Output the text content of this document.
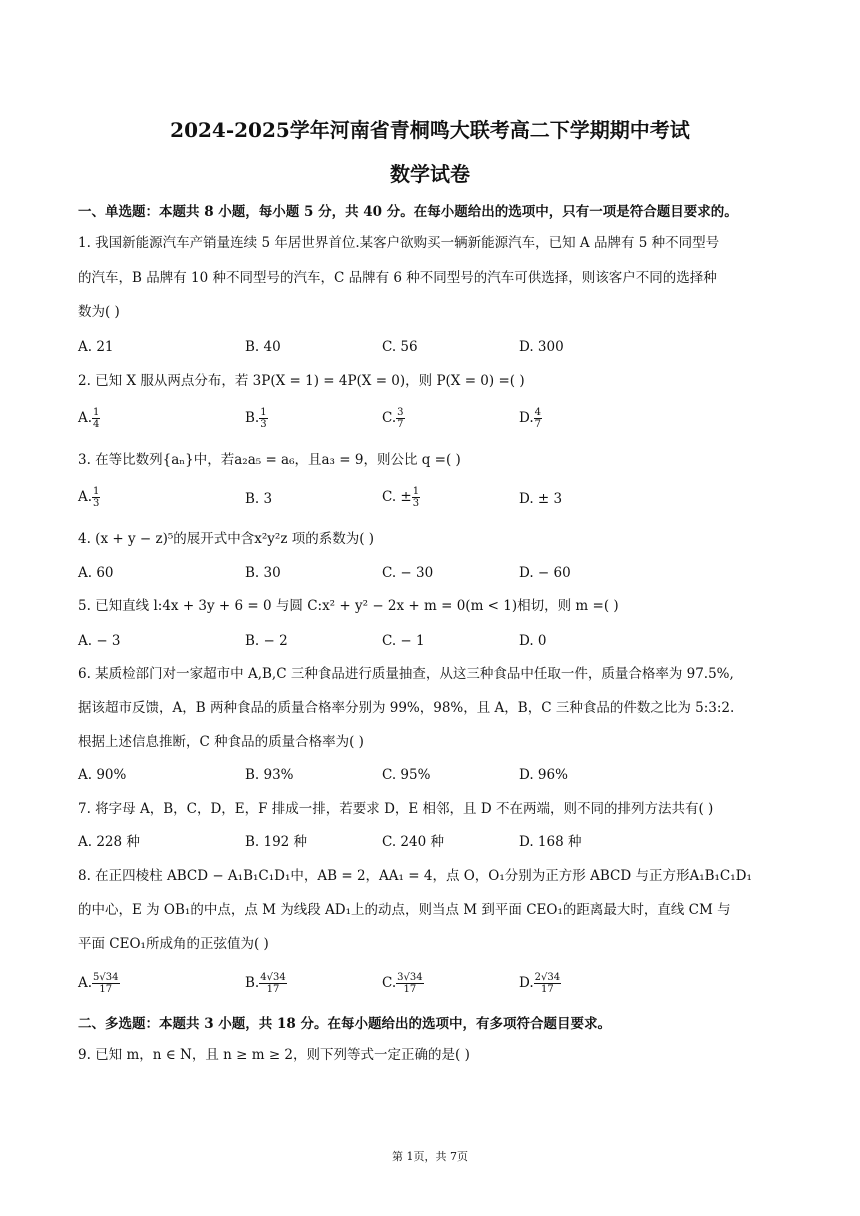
2024-2025学年河南省青桐鸣大联考高二下学期期中考试
数学试卷
一、单选题：本题共 8 小题，每小题 5 分，共 40 分。在每小题给出的选项中，只有一项是符合题目要求的。
1. 我国新能源汽车产销量连续 5 年居世界首位.某客户欲购买一辆新能源汽车，已知 A 品牌有 5 种不同型号
的汽车，B 品牌有 10 种不同型号的汽车，C 品牌有 6 种不同型号的汽车可供选择，则该客户不同的选择种
数为( )
A. 21	B. 40	C. 56	D. 300
2. 已知 X 服从两点分布，若 3P(X = 1) = 4P(X = 0)，则 P(X = 0) =( )
A. $\frac{1}{4}$	B. $\frac{1}{3}$	C. $\frac{3}{7}$	D. $\frac{4}{7}$
3. 在等比数列{aₙ}中，若a₂a₅ = a₆，且a₃ = 9，则公比 q =( )
A. $\frac{1}{3}$	B. 3	C. ± $\frac{1}{3}$	D. ± 3
4. (x + y − z)⁵的展开式中含x²y²z 项的系数为( )
A. 60	B. 30	C. − 30	D. − 60
5. 已知直线 l:4x + 3y + 6 = 0 与圆 C:x² + y² − 2x + m = 0(m < 1)相切，则 m =( )
A. − 3	B. − 2	C. − 1	D. 0
6. 某质检部门对一家超市中 A,B,C 三种食品进行质量抽查，从这三种食品中任取一件，质量合格率为 97.5%,
据该超市反馈，A，B 两种食品的质量合格率分别为 99%，98%，且 A，B，C 三种食品的件数之比为 5:3:2.
根据上述信息推断，C 种食品的质量合格率为( )
A. 90%	B. 93%	C. 95%	D. 96%
7. 将字母 A，B，C，D，E，F 排成一排，若要求 D，E 相邻，且 D 不在两端，则不同的排列方法共有( )
A. 228 种	B. 192 种	C. 240 种	D. 168 种
8. 在正四棱柱 ABCD − A₁B₁C₁D₁中，AB = 2，AA₁ = 4，点 O，O₁分别为正方形 ABCD 与正方形A₁B₁C₁D₁
的中心，E 为 OB₁的中点，点 M 为线段 AD₁上的动点，则当点 M 到平面 CEO₁的距离最大时，直线 CM 与
平面 CEO₁所成角的正弦值为( )
A. $\frac{5√34}{17}$	B. $\frac{4√34}{17}$	C. $\frac{3√34}{17}$	D. $\frac{2√34}{17}$
二、多选题：本题共 3 小题，共 18 分。在每小题给出的选项中，有多项符合题目要求。
9. 已知 m，n ∈ N，且 n ≥ m ≥ 2，则下列等式一定正确的是( )
第 1页，共 7页
